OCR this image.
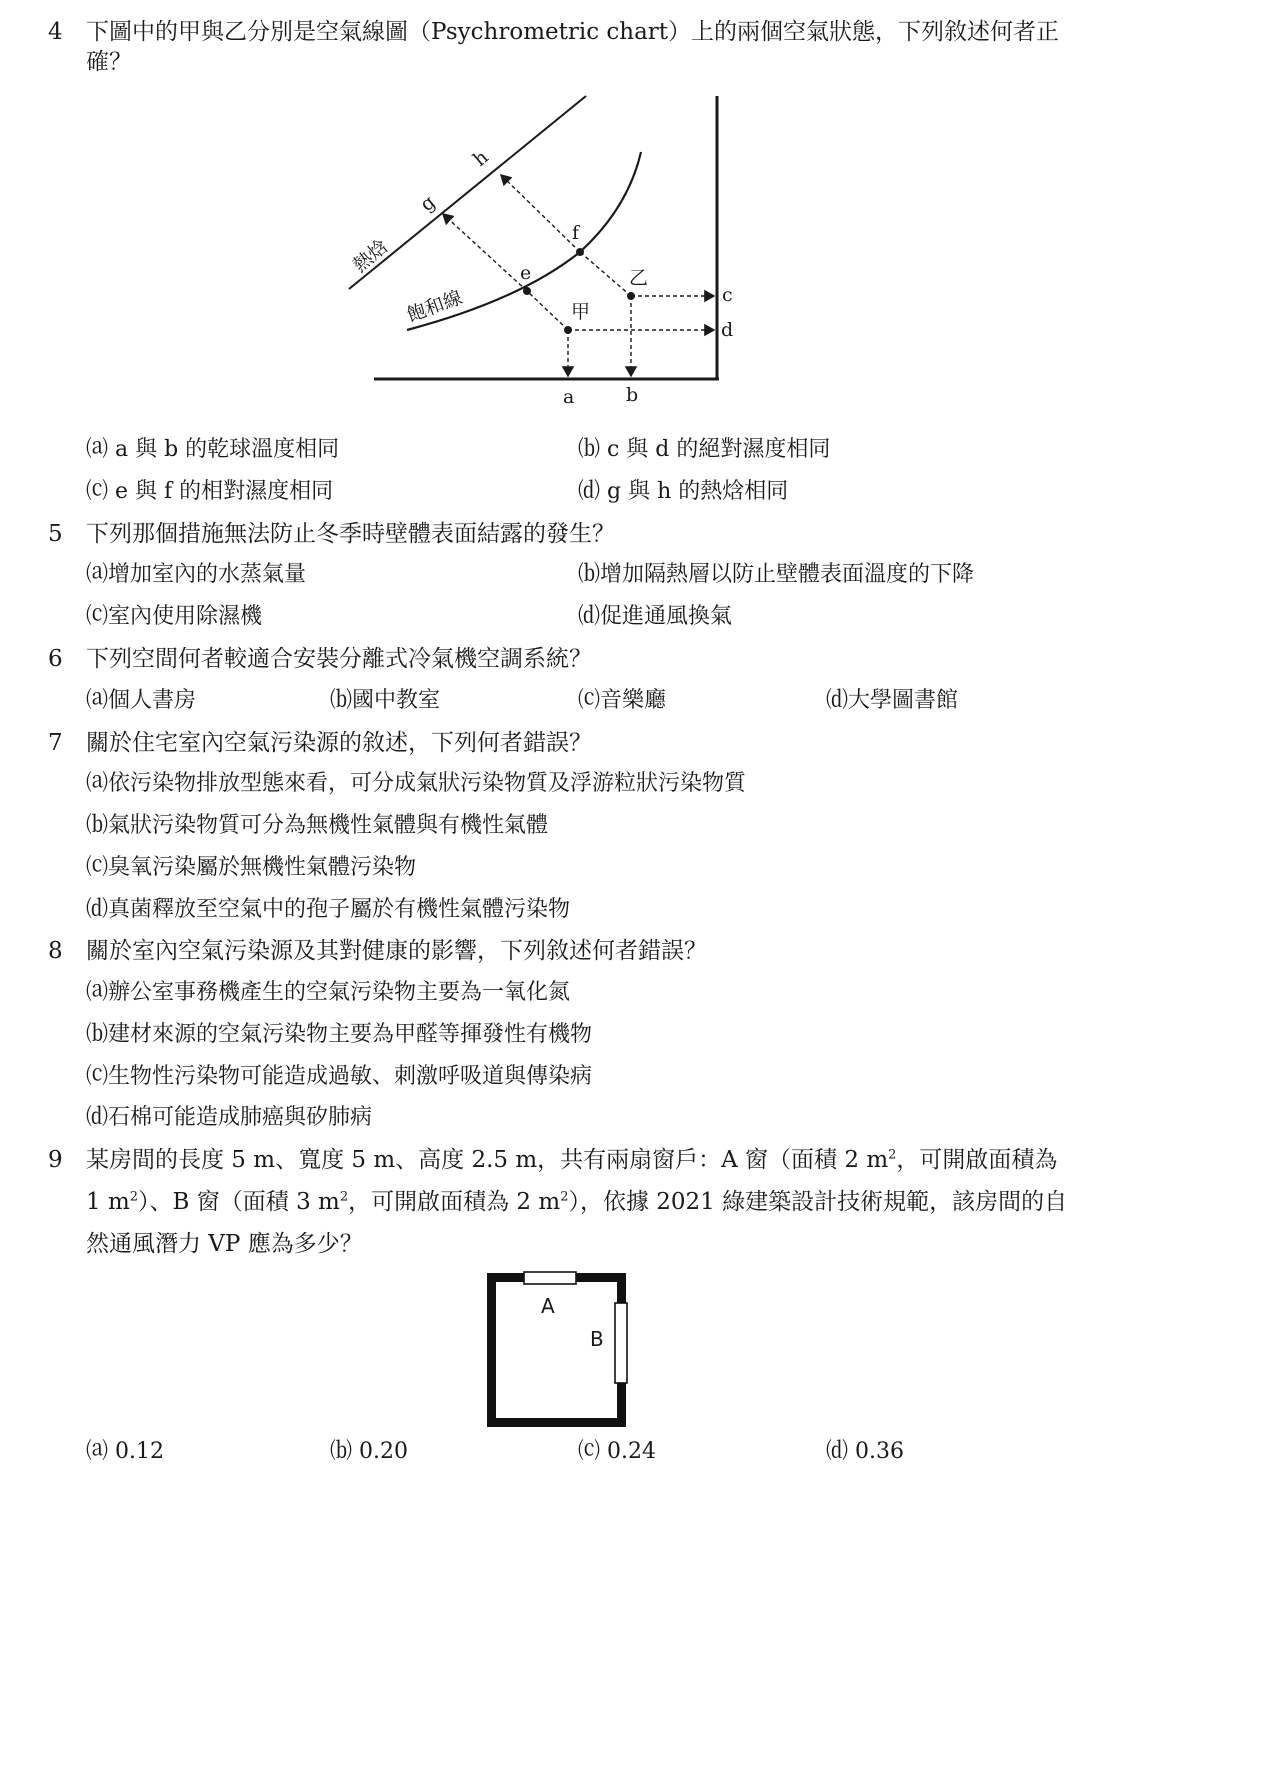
4 下圖中的甲與乙分別是空氣線圖（Psychrometric chart）上的兩個空氣狀態，下列敘述何者正確？
熱焓
飽和線
g
h
e
f
乙
甲
c
d
a	b
⒜ a 與 b 的乾球溫度相同	⒝ c 與 d 的絕對濕度相同
⒞ e 與 f 的相對濕度相同	⒟ g 與 h 的熱焓相同
5 下列那個措施無法防止冬季時壁體表面結露的發生？
⒜增加室內的水蒸氣量	⒝增加隔熱層以防止壁體表面溫度的下降
⒞室內使用除濕機	⒟促進通風換氣
6 下列空間何者較適合安裝分離式冷氣機空調系統？
⒜個人書房	⒝國中教室	⒞音樂廳	⒟大學圖書館
7 關於住宅室內空氣污染源的敘述，下列何者錯誤？
⒜依污染物排放型態來看，可分成氣狀污染物質及浮游粒狀污染物質
⒝氣狀污染物質可分為無機性氣體與有機性氣體
⒞臭氧污染屬於無機性氣體污染物
⒟真菌釋放至空氣中的孢子屬於有機性氣體污染物
8 關於室內空氣污染源及其對健康的影響，下列敘述何者錯誤？
⒜辦公室事務機產生的空氣污染物主要為一氧化氮
⒝建材來源的空氣污染物主要為甲醛等揮發性有機物
⒞生物性污染物可能造成過敏、刺激呼吸道與傳染病
⒟石棉可能造成肺癌與矽肺病
9 某房間的長度 5 m、寬度 5 m、高度 2.5 m，共有兩扇窗戶：A 窗（面積 2 $m^2$，可開啟面積為
1 $m^2$）、B 窗（面積 3 $m^2$，可開啟面積為 2 $m^2$），依據 2021 綠建築設計技術規範，該房間的自
然通風潛力 VP 應為多少？
A
B
⒜ 0.12	⒝ 0.20	⒞ 0.24	⒟ 0.36
